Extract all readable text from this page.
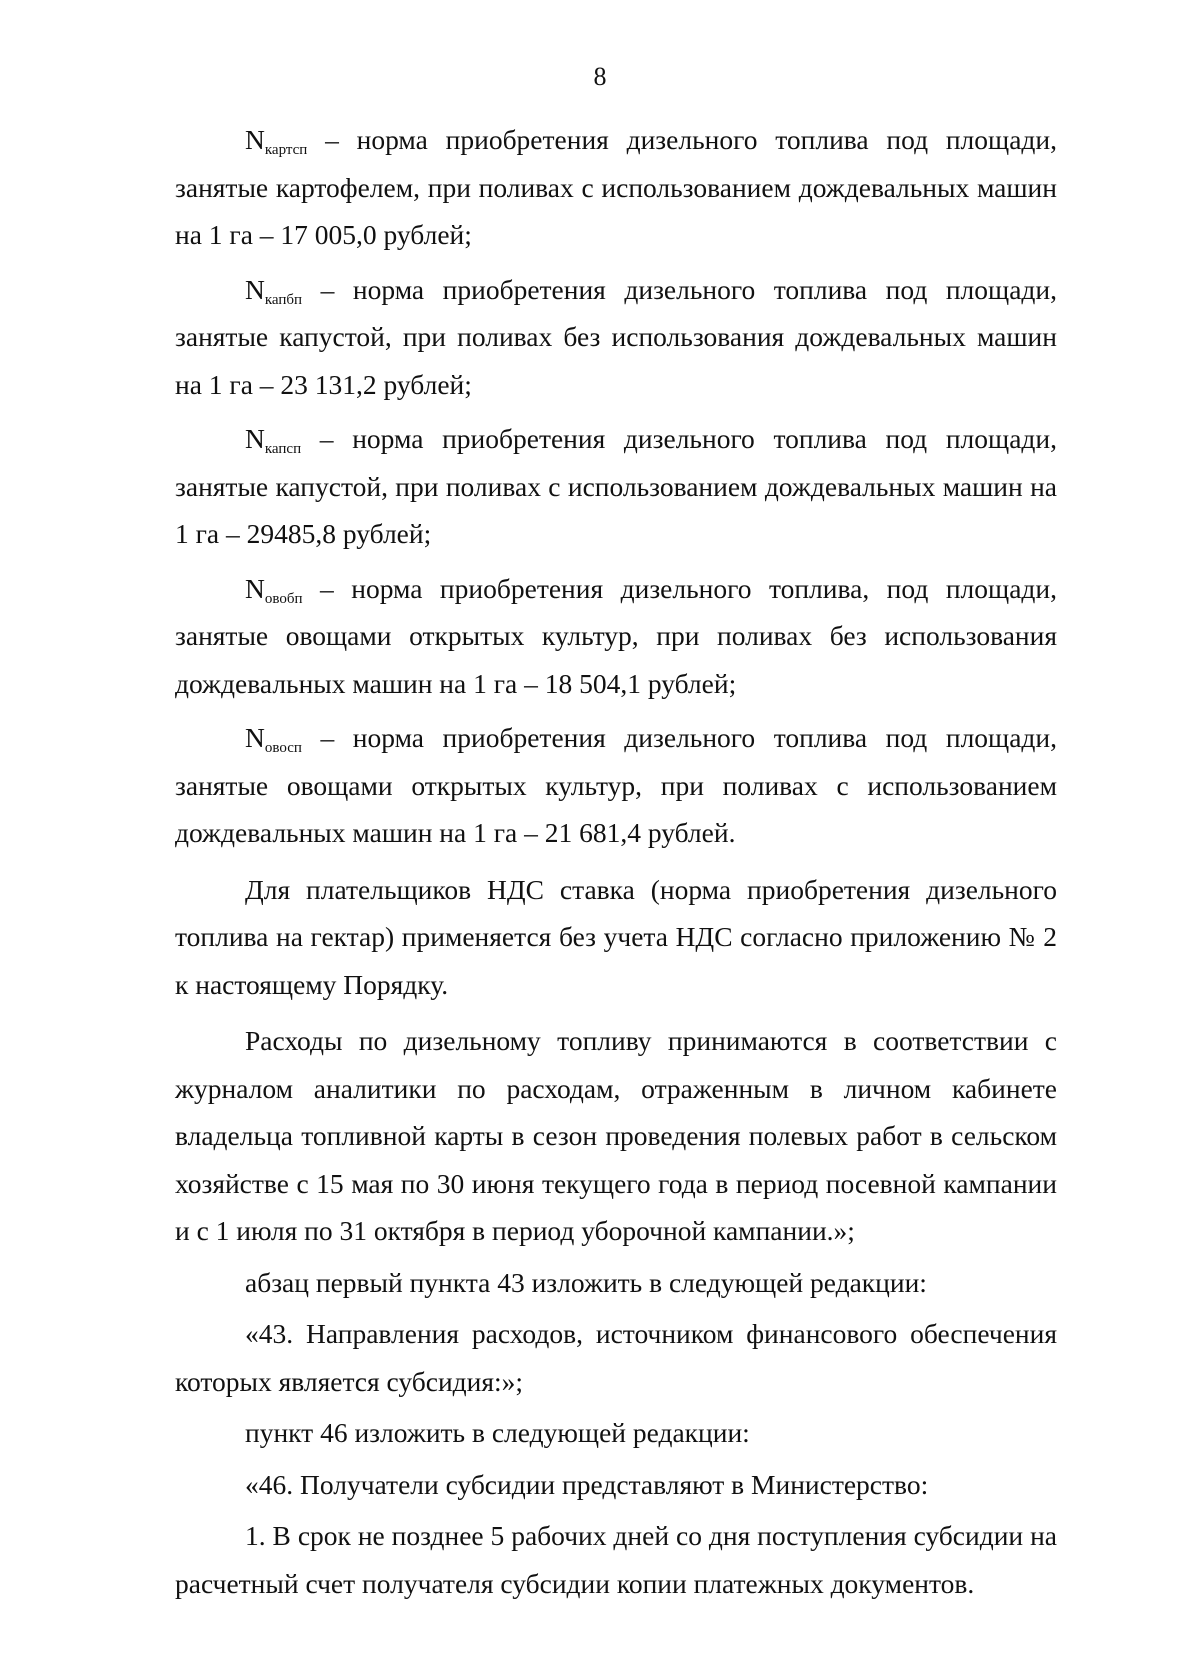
8

$N_{картсп}$ – норма приобретения дизельного топлива под площади, занятые картофелем, при поливах с использованием дождевальных машин на 1 га – 17 005,0 рублей;

$N_{капбп}$ – норма приобретения дизельного топлива под площади, занятые капустой, при поливах без использования дождевальных машин на 1 га – 23 131,2 рублей;

$N_{капсп}$ – норма приобретения дизельного топлива под площади, занятые капустой, при поливах с использованием дождевальных машин на 1 га – 29485,8 рублей;

$N_{овобп}$ – норма приобретения дизельного топлива, под площади, занятые овощами открытых культур, при поливах без использования дождевальных машин на 1 га – 18 504,1 рублей;

$N_{овосп}$ – норма приобретения дизельного топлива под площади, занятые овощами открытых культур, при поливах с использованием дождевальных машин на 1 га – 21 681,4 рублей.

Для плательщиков НДС ставка (норма приобретения дизельного топлива на гектар) применяется без учета НДС согласно приложению № 2 к настоящему Порядку.

Расходы по дизельному топливу принимаются в соответствии с журналом аналитики по расходам, отраженным в личном кабинете владельца топливной карты в сезон проведения полевых работ в сельском хозяйстве с 15 мая по 30 июня текущего года в период посевной кампании и с 1 июля по 31 октября в период уборочной кампании.»;

абзац первый пункта 43 изложить в следующей редакции:

«43. Направления расходов, источником финансового обеспечения которых является субсидия:»;

пункт 46 изложить в следующей редакции:

«46. Получатели субсидии представляют в Министерство:

1. В срок не позднее 5 рабочих дней со дня поступления субсидии на расчетный счет получателя субсидии копии платежных документов.
